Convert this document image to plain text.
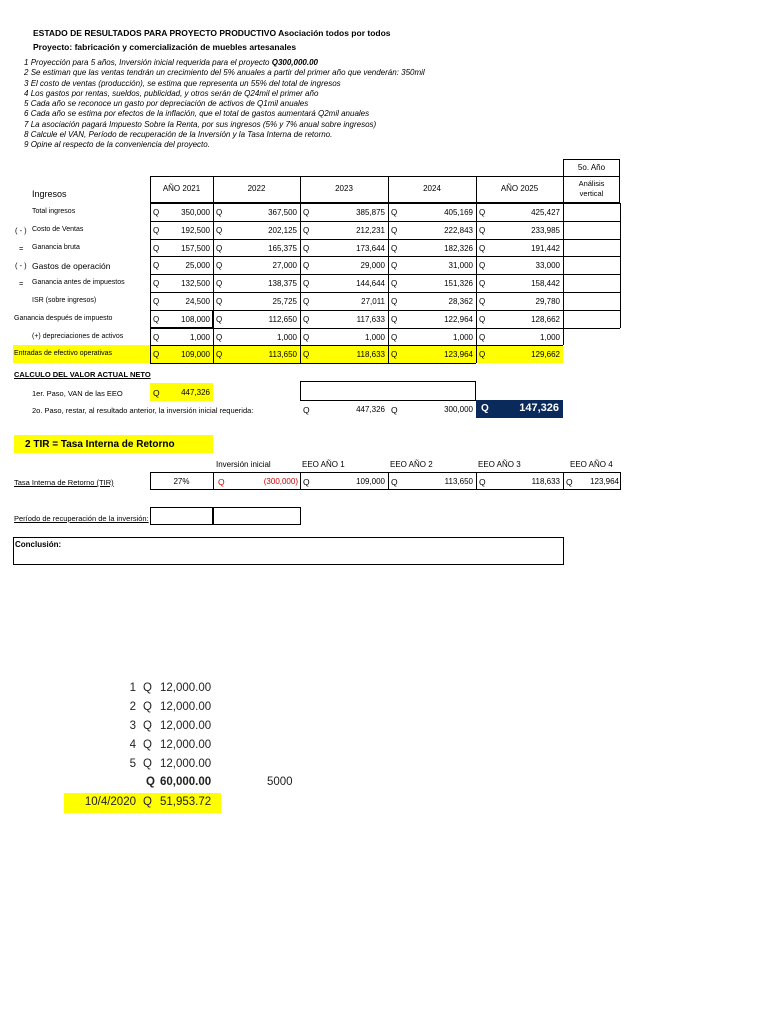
ESTADO DE RESULTADOS PARA PROYECTO PRODUCTIVO Asociación todos por todos
Proyecto: fabricación y comercialización de muebles artesanales
1 Proyección para 5 años, Inversión inicial requerida para el proyecto Q300,000.00
2 Se estiman que las ventas tendrán un crecimiento del 5% anuales a partir del primer año que venderán: 350mil
3 El costo de ventas (producción), se estima que representa un 55% del total de ingresos
4 Los gastos por rentas, sueldos, publicidad, y otros serán de Q24mil el primer año
5 Cada año se reconoce un gasto por depreciación de activos de Q1mil anuales
6 Cada año se estima por efectos de la inflación, que el total de gastos aumentará Q2mil anuales
7 La asociación pagará Impuesto Sobre la Renta, por sus ingresos (5% y 7% anual sobre ingresos)
8 Calcule el VAN, Período de recuperación de la Inversión y la Tasa Interna de retorno.
9 Opine al respecto de la conveniencia del proyecto.
5o. Año
Ingresos
AÑO 2021	2022	2023	2024	AÑO 2025
Análisis
vertical
Total ingresos	Q	350,000 Q	367,500 Q	385,875 Q	405,169 Q	425,427
( - ) Costo de Ventas	Q	192,500 Q	202,125 Q	212,231 Q	222,843 Q	233,985
= Ganancia bruta	Q	157,500 Q	165,375 Q	173,644 Q	182,326 Q	191,442
( - ) Gastos de operación	Q	25,000 Q	27,000 Q	29,000 Q	31,000 Q	33,000
= Ganancia antes de impuestos	Q	132,500 Q	138,375 Q	144,644 Q	151,326 Q	158,442
ISR (sobre ingresos)	Q	24,500 Q	25,725 Q	27,011 Q	28,362 Q	29,780
Ganancia después de impuesto	Q	108,000 Q	112,650 Q	117,633 Q	122,964 Q	128,662
(+) depreciaciones de activos	Q	1,000 Q	1,000 Q	1,000 Q	1,000 Q	1,000
Entradas de efectivo operativas	Q	109,000 Q	113,650 Q	118,633 Q	123,964 Q	129,662
CALCULO DEL VALOR ACTUAL NETO
1er. Paso, VAN de las EEO	Q	447,326
2o. Paso, restar, al resultado anterior, la inversión inicial requerida:	Q	447,326 Q	300,000 Q	147,326
2 TIR = Tasa Interna de Retorno
Inversión inicial	EEO AÑO 1	EEO AÑO 2	EEO AÑO 3	EEO AÑO 4
Tasa Interna de Retorno (TIR)	27%	Q	(300,000) Q	109,000 Q	113,650 Q	118,633 Q	123,964
Período de recuperación de la inversión:
Conclusión:
1 Q 12,000.00
2 Q 12,000.00
3 Q 12,000.00
4 Q 12,000.00
5 Q 12,000.00
Q 60,000.00	5000
10/4/2020 Q 51,953.72
